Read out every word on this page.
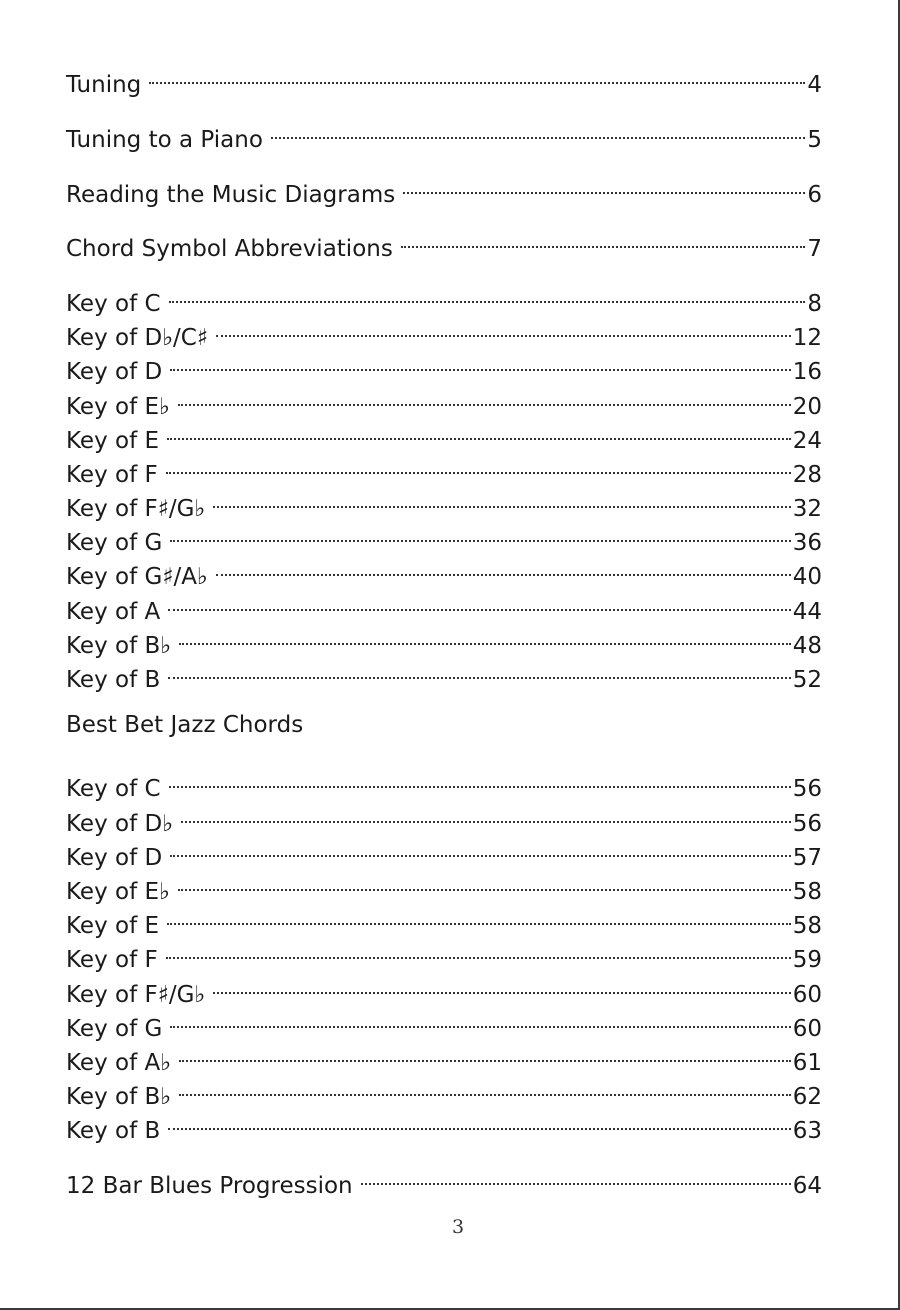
Tuning	4
Tuning to a Piano	5
Reading the Music Diagrams	6
Chord Symbol Abbreviations	7
Key of C	8
Key of D♭/C♯	12
Key of D	16
Key of E♭	20
Key of E	24
Key of F	28
Key of F♯/G♭	32
Key of G	36
Key of G♯/A♭	40
Key of A	44
Key of B♭	48
Key of B	52
Best Bet Jazz Chords
Key of C	56
Key of D♭	56
Key of D	57
Key of E♭	58
Key of E	58
Key of F	59
Key of F♯/G♭	60
Key of G	60
Key of A♭	61
Key of B♭	62
Key of B	63
12 Bar Blues Progression	64
3
